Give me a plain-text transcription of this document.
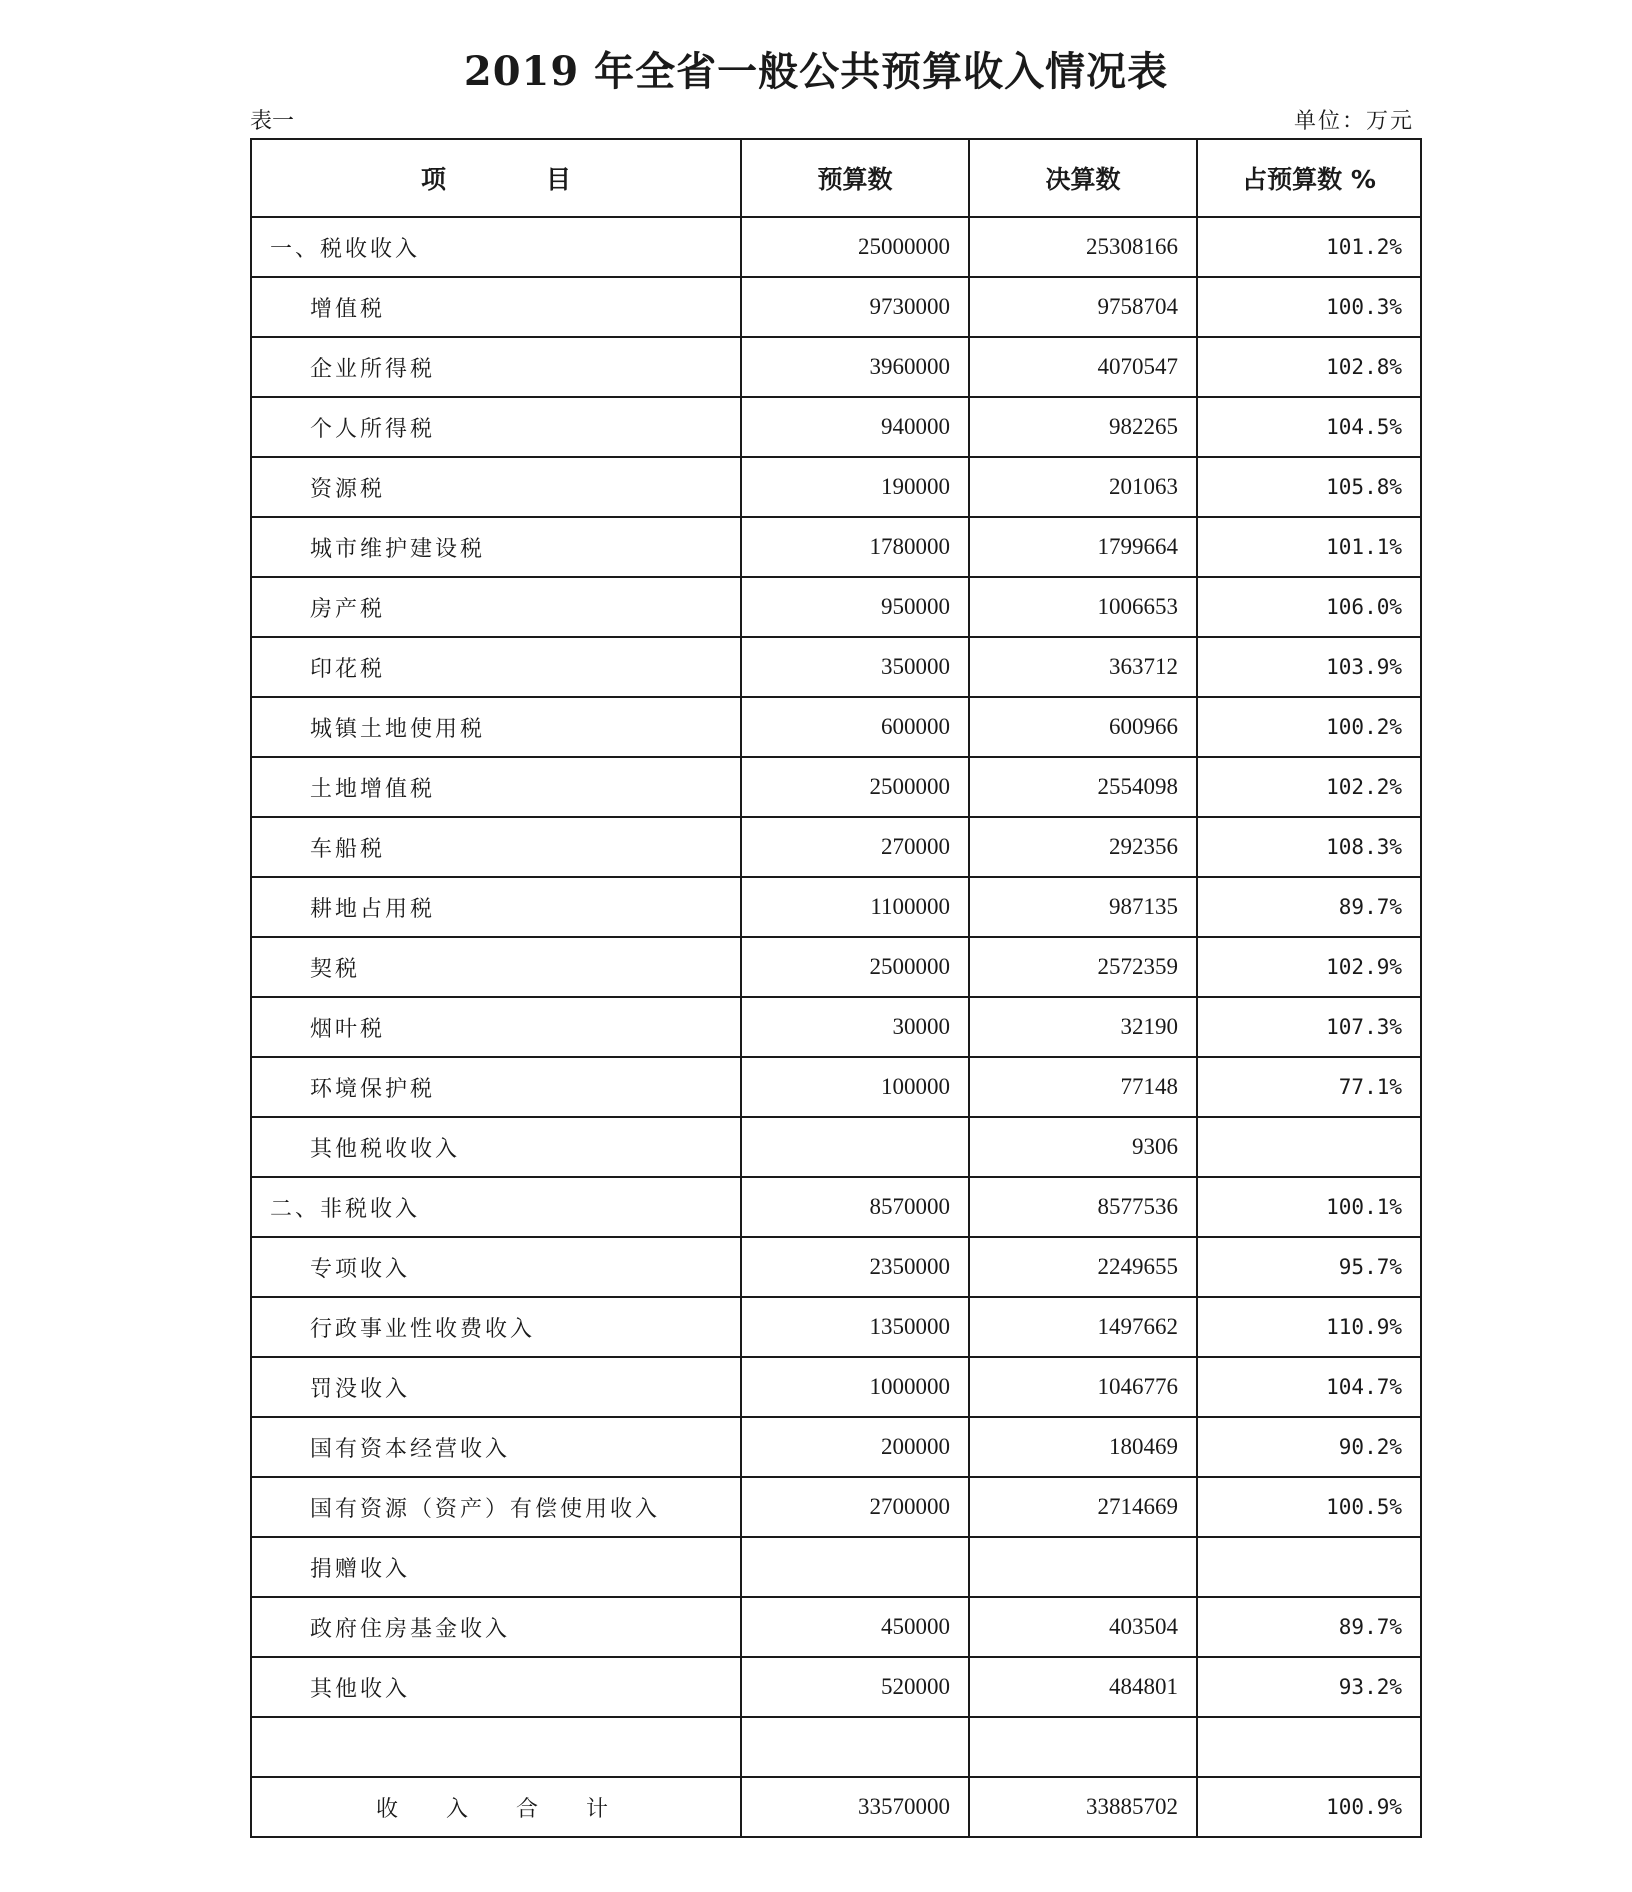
2019 年全省一般公共预算收入情况表
表一	单位：万元
项　　　　目	预算数	决算数	占预算数 %
一、税收收入	25000000	25308166	101.2%
增值税	9730000	9758704	100.3%
企业所得税	3960000	4070547	102.8%
个人所得税	940000	982265	104.5%
资源税	190000	201063	105.8%
城市维护建设税	1780000	1799664	101.1%
房产税	950000	1006653	106.0%
印花税	350000	363712	103.9%
城镇土地使用税	600000	600966	100.2%
土地增值税	2500000	2554098	102.2%
车船税	270000	292356	108.3%
耕地占用税	1100000	987135	89.7%
契税	2500000	2572359	102.9%
烟叶税	30000	32190	107.3%
环境保护税	100000	77148	77.1%
其他税收收入		9306	
二、非税收入	8570000	8577536	100.1%
专项收入	2350000	2249655	95.7%
行政事业性收费收入	1350000	1497662	110.9%
罚没收入	1000000	1046776	104.7%
国有资本经营收入	200000	180469	90.2%
国有资源（资产）有偿使用收入	2700000	2714669	100.5%
捐赠收入			
政府住房基金收入	450000	403504	89.7%
其他收入	520000	484801	93.2%

收入合计	33570000	33885702	100.9%
